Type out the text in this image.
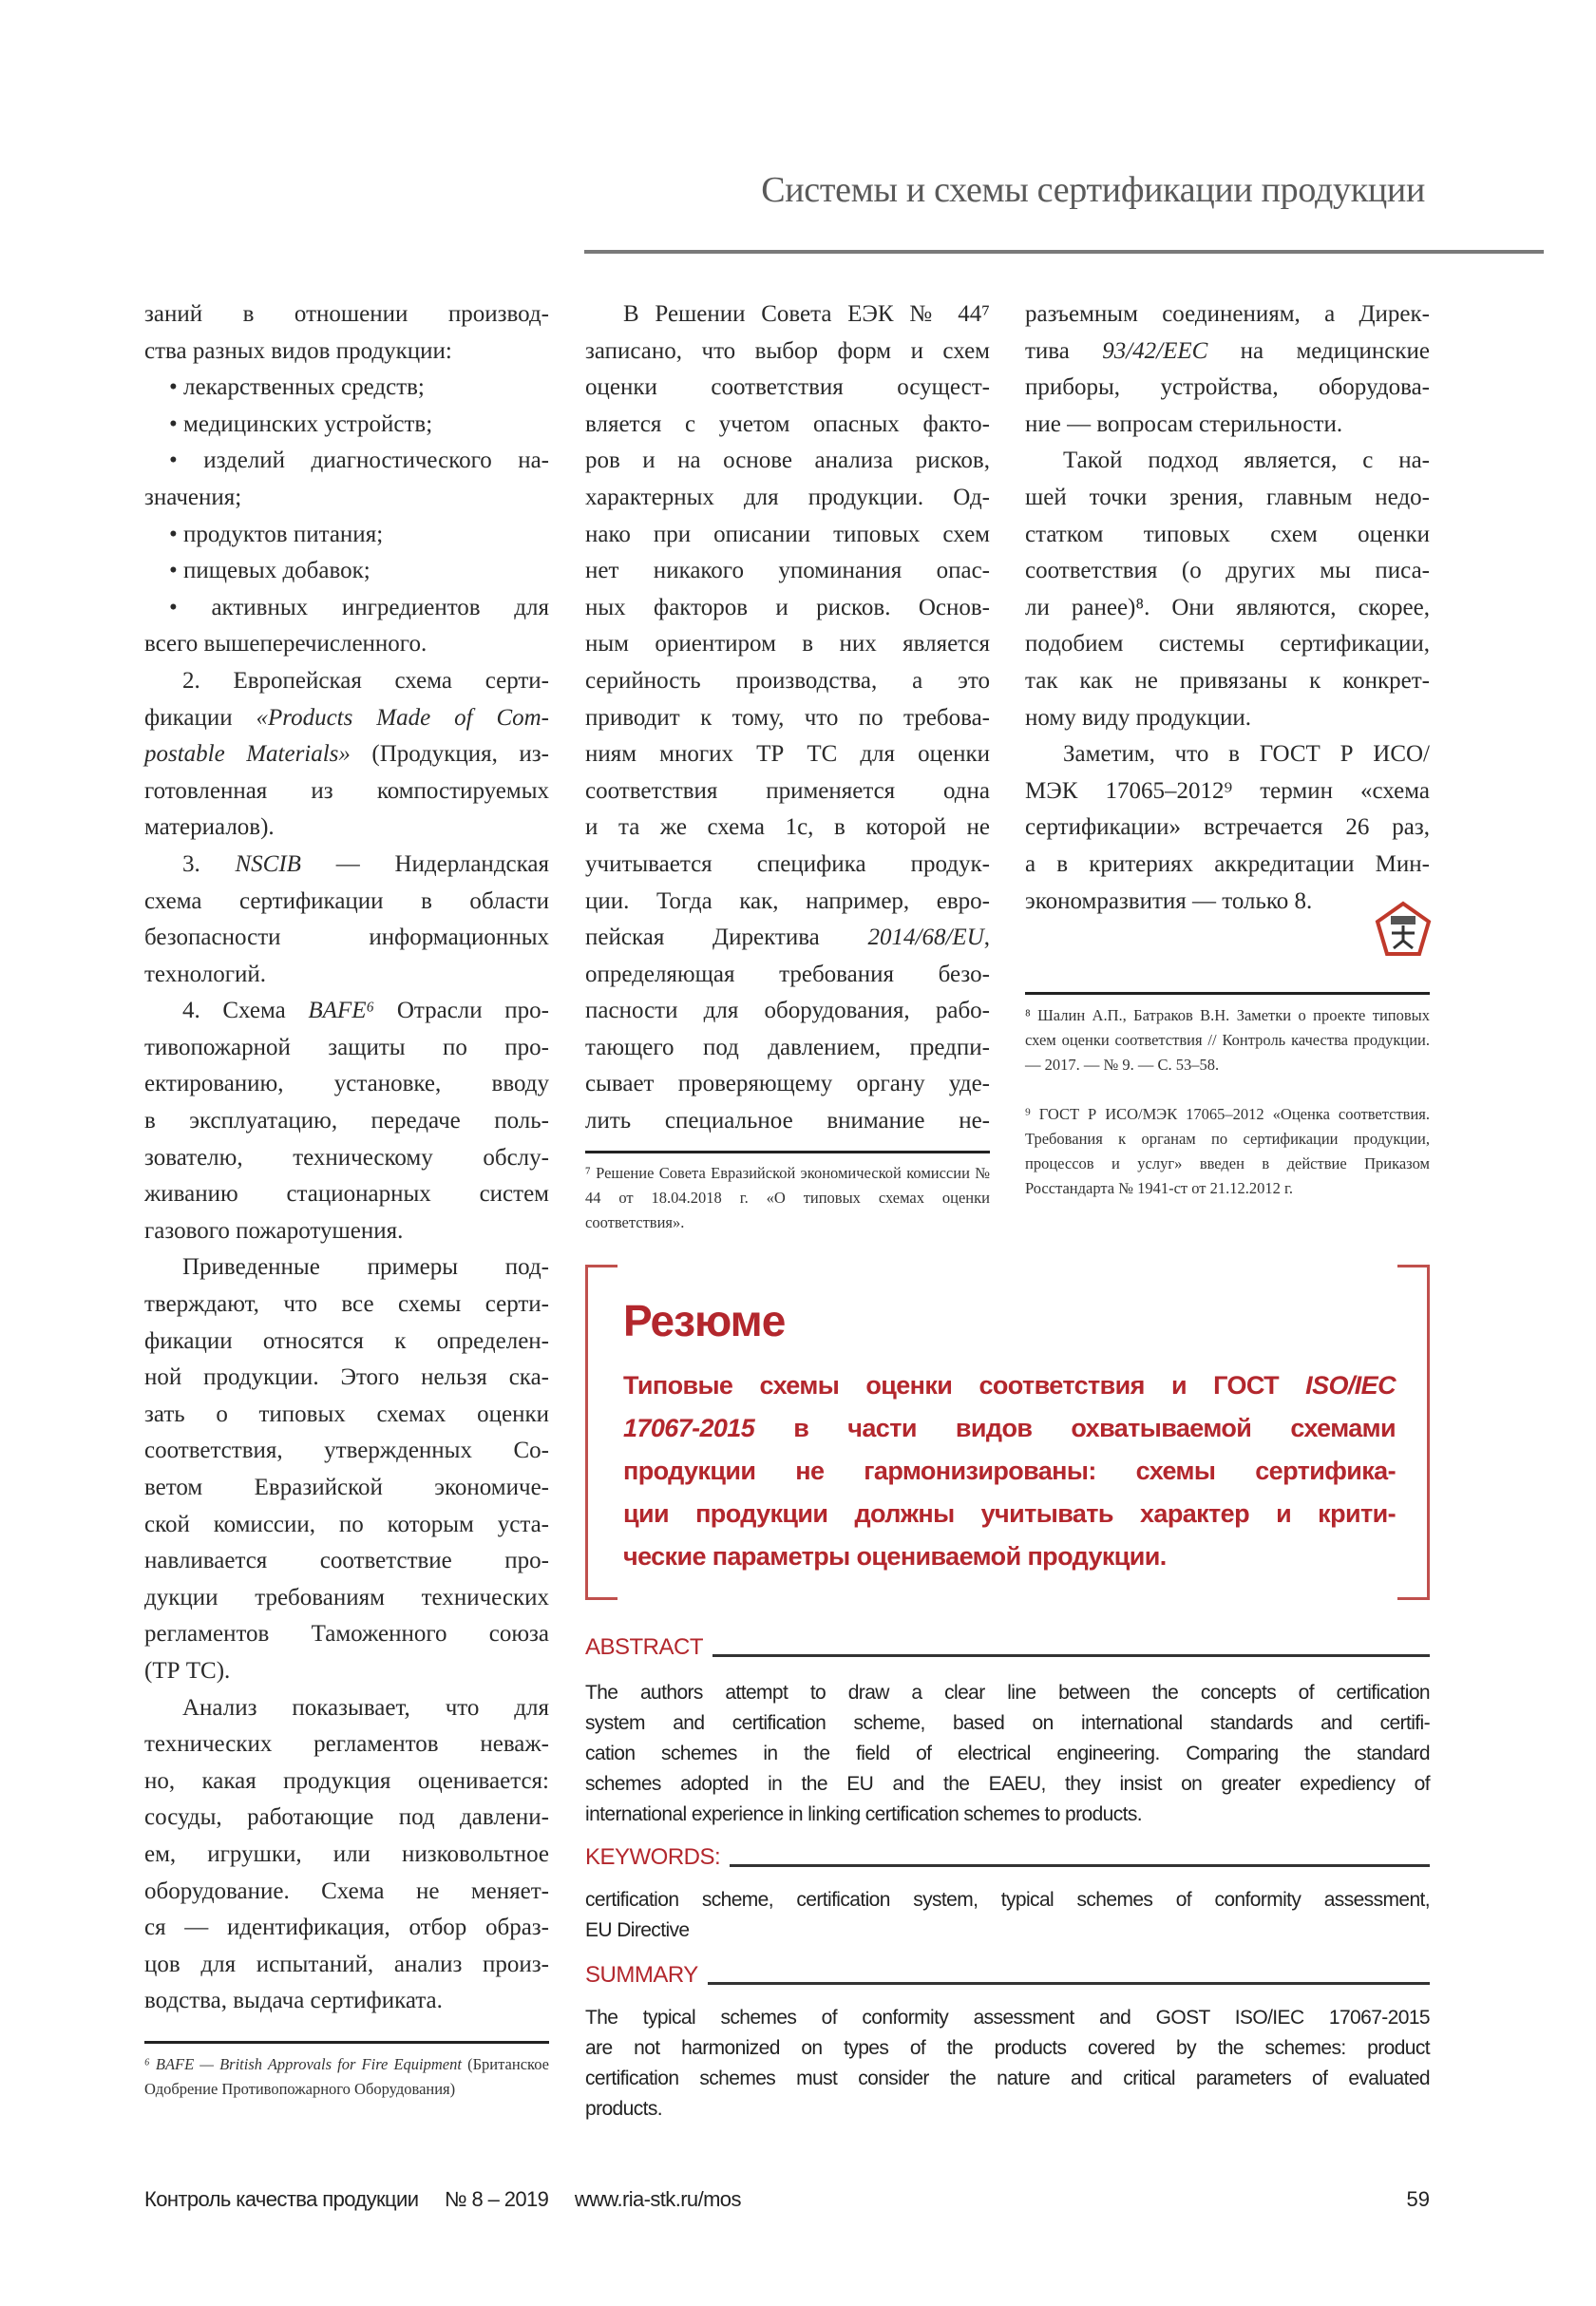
Системы и схемы сертификации продукции
заний в отношении производ-
ства разных видов продукции:
• лекарственных средств;
• медицинских устройств;
• изделий диагностического на-
значения;
• продуктов питания;
• пищевых добавок;
• активных ингредиентов для
всего вышеперечисленного.
2. Европейская схема серти-
фикации «Products Made of Com-
postable Materials» (Продукция, из-
готовленная из компостируемых
материалов).
3. NSCIB — Нидерландская
схема сертификации в области
безопасности информационных
технологий.
4. Схема BAFE⁶ Отрасли про-
тивопожарной защиты по про-
ектированию, установке, вводу
в эксплуатацию, передаче поль-
зователю, техническому обслу-
живанию стационарных систем
газового пожаротушения.
Приведенные примеры под-
тверждают, что все схемы серти-
фикации относятся к определен-
ной продукции. Этого нельзя ска-
зать о типовых схемах оценки
соответствия, утвержденных Со-
ветом Евразийской экономиче-
ской комиссии, по которым уста-
навливается соответствие про-
дукции требованиям технических
регламентов Таможенного союза
(ТР ТС).
Анализ показывает, что для
технических регламентов неваж-
но, какая продукция оценивается:
сосуды, работающие под давлени-
ем, игрушки, или низковольтное
оборудование. Схема не меняет-
ся — идентификация, отбор образ-
цов для испытаний, анализ произ-
водства, выдача сертификата.
В Решении Совета ЕЭК № 44⁷
записано, что выбор форм и схем
оценки соответствия осущест-
вляется с учетом опасных факто-
ров и на основе анализа рисков,
характерных для продукции. Од-
нако при описании типовых схем
нет никакого упоминания опас-
ных факторов и рисков. Основ-
ным ориентиром в них является
серийность производства, а это
приводит к тому, что по требова-
ниям многих ТР ТС для оценки
соответствия применяется одна
и та же схема 1с, в которой не
учитывается специфика продук-
ции. Тогда как, например, евро-
пейская Директива 2014/68/EU,
определяющая требования безо-
пасности для оборудования, рабо-
тающего под давлением, предпи-
сывает проверяющему органу уде-
лить специальное внимание не-
разъемным соединениям, а Дирек-
тива 93/42/EEC на медицинские
приборы, устройства, оборудова-
ние — вопросам стерильности.
Такой подход является, с на-
шей точки зрения, главным недо-
статком типовых схем оценки
соответствия (о других мы писа-
ли ранее)⁸. Они являются, скорее,
подобием системы сертификации,
так как не привязаны к конкрет-
ному виду продукции.
Заметим, что в ГОСТ Р ИСО/
МЭК 17065–2012⁹ термин «схема
сертификации» встречается 26 раз,
а в критериях аккредитации Мин-
экономразвития — только 8.
⁶ BAFE — British Approvals for Fire Equipment (Британское Одобрение Противопожарного Оборудования)
⁷ Решение Совета Евразийской экономической комиссии № 44 от 18.04.2018 г. «О типовых схемах оценки соответствия».
⁸ Шалин А.П., Батраков В.Н. Заметки о проекте типовых схем оценки соответствия // Контроль качества продукции. — 2017. — № 9. — С. 53–58.
⁹ ГОСТ Р ИСО/МЭК 17065–2012 «Оценка соответствия. Требования к органам по сертификации продукции, процессов и услуг» введен в действие Приказом Росстандарта № 1941-ст от 21.12.2012 г.
Резюме
Типовые схемы оценки соответствия и ГОСТ ISO/IEC
17067-2015 в части видов охватываемой схемами
продукции не гармонизированы: схемы сертифика-
ции продукции должны учитывать характер и крити-
ческие параметры оцениваемой продукции.
ABSTRACT
The authors attempt to draw a clear line between the concepts of certification
system and certification scheme, based on international standards and certifi-
cation schemes in the field of electrical engineering. Comparing the standard
schemes adopted in the EU and the EAEU, they insist on greater expediency of
international experience in linking certification schemes to products.
KEYWORDS:
certification scheme, certification system, typical schemes of conformity assessment,
EU Directive
SUMMARY
The typical schemes of conformity assessment and GOST ISO/IEC 17067-2015
are not harmonized on types of the products covered by the schemes: product
certification schemes must consider the nature and critical parameters of evaluated
products.
Контроль качества продукции № 8 – 2019 www.ria-stk.ru/mos	59
